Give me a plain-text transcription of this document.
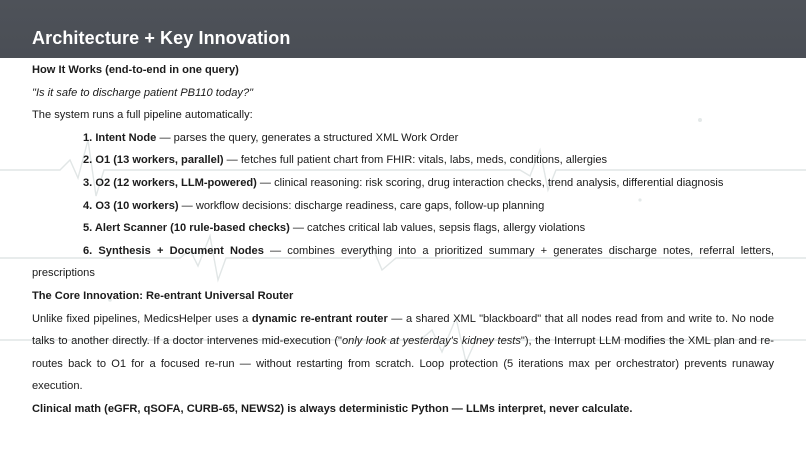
Architecture + Key Innovation
How It Works (end-to-end in one query)
"Is it safe to discharge patient PB110 today?"
The system runs a full pipeline automatically:
1. Intent Node — parses the query, generates a structured XML Work Order
2. O1 (13 workers, parallel) — fetches full patient chart from FHIR: vitals, labs, meds, conditions, allergies
3. O2 (12 workers, LLM-powered) — clinical reasoning: risk scoring, drug interaction checks, trend analysis, differential diagnosis
4. O3 (10 workers) — workflow decisions: discharge readiness, care gaps, follow-up planning
5. Alert Scanner (10 rule-based checks) — catches critical lab values, sepsis flags, allergy violations
6. Synthesis + Document Nodes — combines everything into a prioritized summary + generates discharge notes, referral letters, prescriptions
The Core Innovation: Re-entrant Universal Router
Unlike fixed pipelines, MedicsHelper uses a dynamic re-entrant router — a shared XML "blackboard" that all nodes read from and write to. No node talks to another directly. If a doctor intervenes mid-execution ("only look at yesterday's kidney tests"), the Interrupt LLM modifies the XML plan and re-routes back to O1 for a focused re-run — without restarting from scratch. Loop protection (5 iterations max per orchestrator) prevents runaway execution.
Clinical math (eGFR, qSOFA, CURB-65, NEWS2) is always deterministic Python — LLMs interpret, never calculate.
